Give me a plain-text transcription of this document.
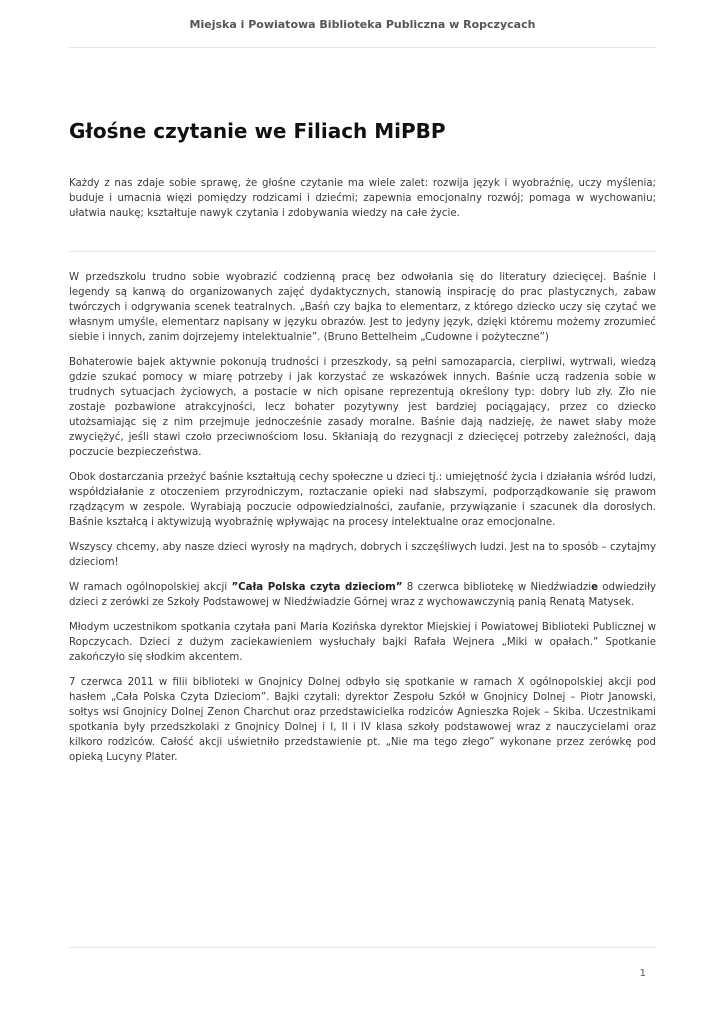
Miejska i Powiatowa Biblioteka Publiczna w Ropczycach
Głośne czytanie we Filiach MiPBP

Każdy z nas zdaje sobie sprawę, że głośne czytanie ma wiele zalet: rozwija język i wyobraźnię, uczy myślenia; buduje i umacnia więzi pomiędzy rodzicami i dziećmi; zapewnia emocjonalny rozwój; pomaga w wychowaniu; ułatwia naukę; kształtuje nawyk czytania i zdobywania wiedzy na całe życie.

W przedszkolu trudno sobie wyobrazić codzienną pracę bez odwołania się do literatury dziecięcej. Baśnie i legendy są kanwą do organizowanych zajęć dydaktycznych, stanowią inspirację do prac plastycznych, zabaw twórczych i odgrywania scenek teatralnych. „Baśń czy bajka to elementarz, z którego dziecko uczy się czytać we własnym umyśle, elementarz napisany w języku obrazów. Jest to jedyny język, dzięki któremu możemy zrozumieć siebie i innych, zanim dojrzejemy intelektualnie”. (Bruno Bettelheim „Cudowne i pożyteczne”)

Bohaterowie bajek aktywnie pokonują trudności i przeszkody, są pełni samozaparcia, cierpliwi, wytrwali, wiedzą gdzie szukać pomocy w miarę potrzeby i jak korzystać ze wskazówek innych. Baśnie uczą radzenia sobie w trudnych sytuacjach życiowych, a postacie w nich opisane reprezentują określony typ: dobry lub zły. Zło nie zostaje pozbawione atrakcyjności, lecz bohater pozytywny jest bardziej pociągający, przez co dziecko utożsamiając się z nim przejmuje jednocześnie zasady moralne. Baśnie dają nadzieję, że nawet słaby może zwyciężyć, jeśli stawi czoło przeciwnościom losu. Skłaniają do rezygnacji z dziecięcej potrzeby zależności, dają poczucie bezpieczeństwa.

Obok dostarczania przeżyć baśnie kształtują cechy społeczne u dzieci tj.: umiejętność życia i działania wśród ludzi, współdziałanie z otoczeniem przyrodniczym, roztaczanie opieki nad słabszymi, podporządkowanie się prawom rządzącym w zespole. Wyrabiają poczucie odpowiedzialności, zaufanie, przywiązanie i szacunek dla dorosłych. Baśnie kształcą i aktywizują wyobraźnię wpływając na procesy intelektualne oraz emocjonalne.

Wszyscy chcemy, aby nasze dzieci wyrosły na mądrych, dobrych i szczęśliwych ludzi. Jest na to sposób – czytajmy dzieciom!

W ramach ogólnopolskiej akcji ”Cała Polska czyta dzieciom” 8 czerwca bibliotekę w Niedźwiadzie odwiedziły dzieci z zerówki ze Szkoły Podstawowej w Niedźwiadzie Górnej wraz z wychowawczynią panią Renatą Matysek.

Młodym uczestnikom spotkania czytała pani Maria Kozińska dyrektor Miejskiej i Powiatowej Biblioteki Publicznej w Ropczycach. Dzieci z dużym zaciekawieniem wysłuchały bajki Rafała Wejnera „Miki w opałach.” Spotkanie zakończyło się słodkim akcentem.

7 czerwca 2011 w filii biblioteki w Gnojnicy Dolnej odbyło się spotkanie w ramach X ogólnopolskiej akcji pod hasłem „Cała Polska Czyta Dzieciom”. Bajki czytali: dyrektor Zespołu Szkół w Gnojnicy Dolnej – Piotr Janowski, sołtys wsi Gnojnicy Dolnej Zenon Charchut oraz przedstawicielka rodziców Agnieszka Rojek – Skiba. Uczestnikami spotkania były przedszkolaki z Gnojnicy Dolnej i I, II i IV klasa szkoły podstawowej wraz z nauczycielami oraz kilkoro rodziców. Całość akcji uświetniło przedstawienie pt. „Nie ma tego złego” wykonane przez zerówkę pod opieką Lucyny Plater.

1
